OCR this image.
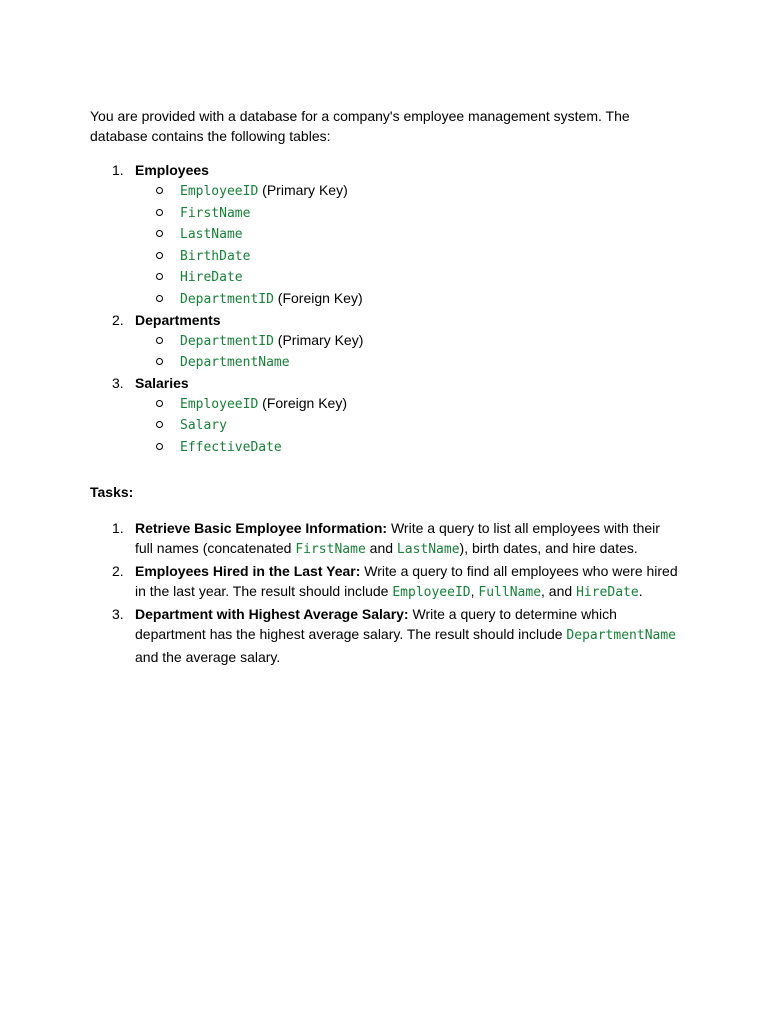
You are provided with a database for a company's employee management system. The database contains the following tables:

1. Employees
EmployeeID (Primary Key)
FirstName
LastName
BirthDate
HireDate
DepartmentID (Foreign Key)
2. Departments
DepartmentID (Primary Key)
DepartmentName
3. Salaries
EmployeeID (Foreign Key)
Salary
EffectiveDate

Tasks:

1. Retrieve Basic Employee Information: Write a query to list all employees with their full names (concatenated FirstName and LastName), birth dates, and hire dates.
2. Employees Hired in the Last Year: Write a query to find all employees who were hired in the last year. The result should include EmployeeID, FullName, and HireDate.
3. Department with Highest Average Salary: Write a query to determine which department has the highest average salary. The result should include DepartmentName and the average salary.
